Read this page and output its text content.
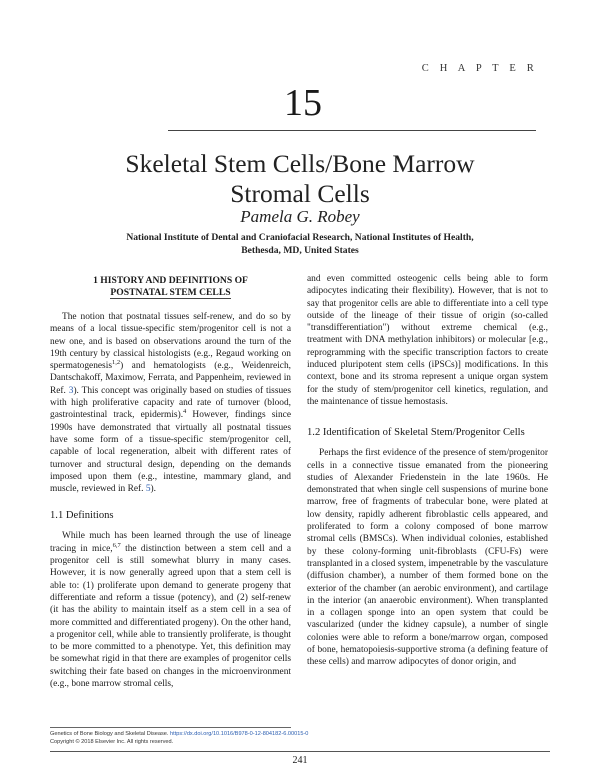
C H A P T E R
15
Skeletal Stem Cells/Bone Marrow
Stromal Cells
Pamela G. Robey
National Institute of Dental and Craniofacial Research, National Institutes of Health,
Bethesda, MD, United States
1 HISTORY AND DEFINITIONS OF
POSTNATAL STEM CELLS

The notion that postnatal tissues self-renew, and do so by means of a local tissue-specific stem/progenitor cell is not a new one, and is based on observations around the turn of the 19th century by classical histologists (e.g., Regaud working on spermatogenesis$^{1,2}$) and hematologists (e.g., Weidenreich, Dantschakoff, Maximow, Ferrata, and Pappenheim, reviewed in Ref. 3). This concept was originally based on studies of tissues with high proliferative capacity and rate of turnover (blood, gastrointestinal track, epidermis).$^4$ However, findings since 1990s have demonstrated that virtually all postnatal tissues have some form of a tissue-specific stem/progenitor cell, capable of local regeneration, albeit with different rates of turnover and structural design, depending on the demands imposed upon them (e.g., intestine, mammary gland, and muscle, reviewed in Ref. 5).

1.1 Definitions

While much has been learned through the use of lineage tracing in mice,$^{6,7}$ the distinction between a stem cell and a progenitor cell is still somewhat blurry in many cases. However, it is now generally agreed upon that a stem cell is able to: (1) proliferate upon demand to generate progeny that differentiate and reform a tissue (potency), and (2) self-renew (it has the ability to maintain itself as a stem cell in a sea of more committed and differentiated progeny). On the other hand, a progenitor cell, while able to transiently proliferate, is thought to be more committed to a phenotype. Yet, this definition may be somewhat rigid in that there are examples of progenitor cells switching their fate based on changes in the microenvironment (e.g., bone marrow stromal cells,

and even committed osteogenic cells being able to form adipocytes indicating their flexibility). However, that is not to say that progenitor cells are able to differentiate into a cell type outside of the lineage of their tissue of origin (so-called "transdifferentiation") without extreme chemical (e.g., treatment with DNA methylation inhibitors) or molecular [e.g., reprogramming with the specific transcription factors to create induced pluripotent stem cells (iPSCs)] modifications. In this context, bone and its stroma represent a unique organ system for the study of stem/progenitor cell kinetics, regulation, and the maintenance of tissue hemostasis.

1.2 Identification of Skeletal Stem/Progenitor Cells

Perhaps the first evidence of the presence of stem/progenitor cells in a connective tissue emanated from the pioneering studies of Alexander Friedenstein in the late 1960s. He demonstrated that when single cell suspensions of murine bone marrow, free of fragments of trabecular bone, were plated at low density, rapidly adherent fibroblastic cells appeared, and proliferated to form a colony composed of bone marrow stromal cells (BMSCs). When individual colonies, established by these colony-forming unit-fibroblasts (CFU-Fs) were transplanted in a closed system, impenetrable by the vasculature (diffusion chamber), a number of them formed bone on the exterior of the chamber (an aerobic environment), and cartilage in the interior (an anaerobic environment). When transplanted in a collagen sponge into an open system that could be vascularized (under the kidney capsule), a number of single colonies were able to reform a bone/marrow organ, composed of bone, hematopoiesis-supportive stroma (a defining feature of these cells) and marrow adipocytes of donor origin, and

Genetics of Bone Biology and Skeletal Disease. https://dx.doi.org/10.1016/B978-0-12-804182-6.00015-0
Copyright © 2018 Elsevier Inc. All rights reserved.
241
